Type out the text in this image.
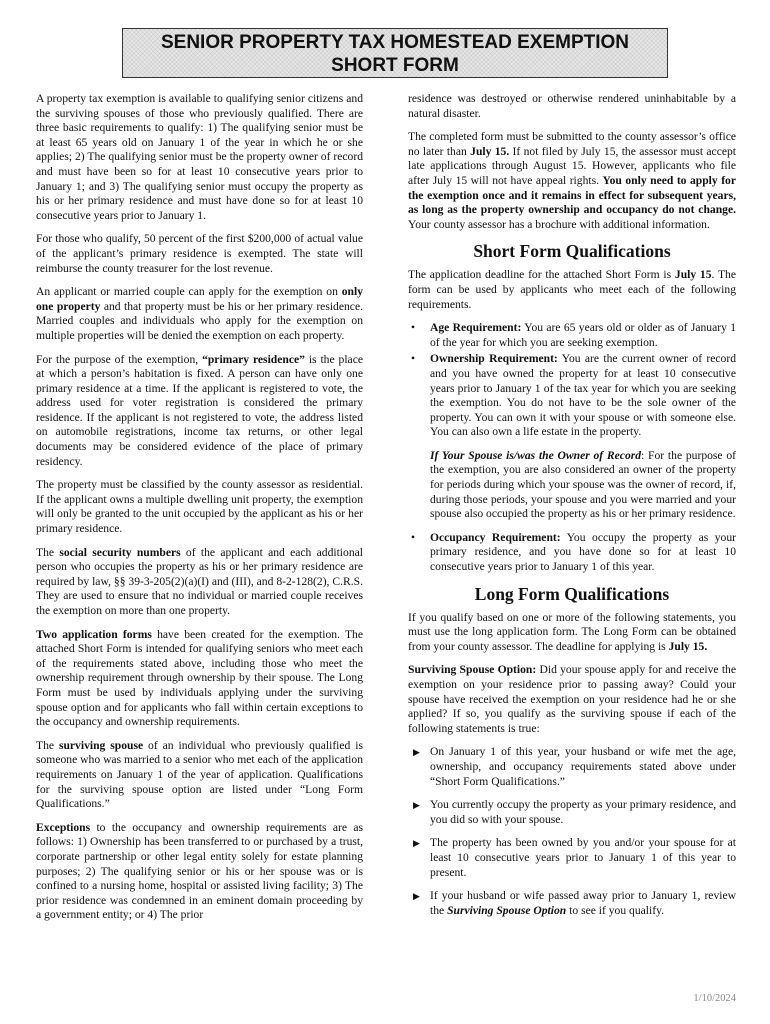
SENIOR PROPERTY TAX HOMESTEAD EXEMPTION
SHORT FORM

A property tax exemption is available to qualifying senior citizens and the surviving spouses of those who previously qualified. There are three basic requirements to qualify: 1) The qualifying senior must be at least 65 years old on January 1 of the year in which he or she applies; 2) The qualifying senior must be the property owner of record and must have been so for at least 10 consecutive years prior to January 1; and 3) The qualifying senior must occupy the property as his or her primary residence and must have done so for at least 10 consecutive years prior to January 1.

For those who qualify, 50 percent of the first $200,000 of actual value of the applicant’s primary residence is exempted. The state will reimburse the county treasurer for the lost revenue.

An applicant or married couple can apply for the exemption on only one property and that property must be his or her primary residence. Married couples and individuals who apply for the exemption on multiple properties will be denied the exemption on each property.

For the purpose of the exemption, “primary residence” is the place at which a person’s habitation is fixed. A person can have only one primary residence at a time. If the applicant is registered to vote, the address used for voter registration is considered the primary residence. If the applicant is not registered to vote, the address listed on automobile registrations, income tax returns, or other legal documents may be considered evidence of the place of primary residency.

The property must be classified by the county assessor as residential. If the applicant owns a multiple dwelling unit property, the exemption will only be granted to the unit occupied by the applicant as his or her primary residence.

The social security numbers of the applicant and each additional person who occupies the property as his or her primary residence are required by law, §§ 39-3-205(2)(a)(I) and (III), and 8-2-128(2), C.R.S. They are used to ensure that no individual or married couple receives the exemption on more than one property.

Two application forms have been created for the exemption. The attached Short Form is intended for qualifying seniors who meet each of the requirements stated above, including those who meet the ownership requirement through ownership by their spouse. The Long Form must be used by individuals applying under the surviving spouse option and for applicants who fall within certain exceptions to the occupancy and ownership requirements.

The surviving spouse of an individual who previously qualified is someone who was married to a senior who met each of the application requirements on January 1 of the year of application. Qualifications for the surviving spouse option are listed under “Long Form Qualifications.”

Exceptions to the occupancy and ownership requirements are as follows: 1) Ownership has been transferred to or purchased by a trust, corporate partnership or other legal entity solely for estate planning purposes; 2) The qualifying senior or his or her spouse was or is confined to a nursing home, hospital or assisted living facility; 3) The prior residence was condemned in an eminent domain proceeding by a government entity; or 4) The prior

residence was destroyed or otherwise rendered uninhabitable by a natural disaster.

The completed form must be submitted to the county assessor’s office no later than July 15. If not filed by July 15, the assessor must accept late applications through August 15. However, applicants who file after July 15 will not have appeal rights. You only need to apply for the exemption once and it remains in effect for subsequent years, as long as the property ownership and occupancy do not change. Your county assessor has a brochure with additional information.

Short Form Qualifications

The application deadline for the attached Short Form is July 15. The form can be used by applicants who meet each of the following requirements.

• Age Requirement: You are 65 years old or older as of January 1 of the year for which you are seeking exemption.
• Ownership Requirement: You are the current owner of record and you have owned the property for at least 10 consecutive years prior to January 1 of the tax year for which you are seeking the exemption. You do not have to be the sole owner of the property. You can own it with your spouse or with someone else. You can also own a life estate in the property.

If Your Spouse is/was the Owner of Record: For the purpose of the exemption, you are also considered an owner of the property for periods during which your spouse was the owner of record, if, during those periods, your spouse and you were married and your spouse also occupied the property as his or her primary residence.

• Occupancy Requirement: You occupy the property as your primary residence, and you have done so for at least 10 consecutive years prior to January 1 of this year.
Long Form Qualifications

If you qualify based on one or more of the following statements, you must use the long application form. The Long Form can be obtained from your county assessor. The deadline for applying is July 15.

Surviving Spouse Option: Did your spouse apply for and receive the exemption on your residence prior to passing away? Could your spouse have received the exemption on your residence had he or she applied? If so, you qualify as the surviving spouse if each of the following statements is true:

▶ On January 1 of this year, your husband or wife met the age, ownership, and occupancy requirements stated above under “Short Form Qualifications.”
▶ You currently occupy the property as your primary residence, and you did so with your spouse.
▶ The property has been owned by you and/or your spouse for at least 10 consecutive years prior to January 1 of this year to present.
▶ If your husband or wife passed away prior to January 1, review the Surviving Spouse Option to see if you qualify.
1/10/2024
